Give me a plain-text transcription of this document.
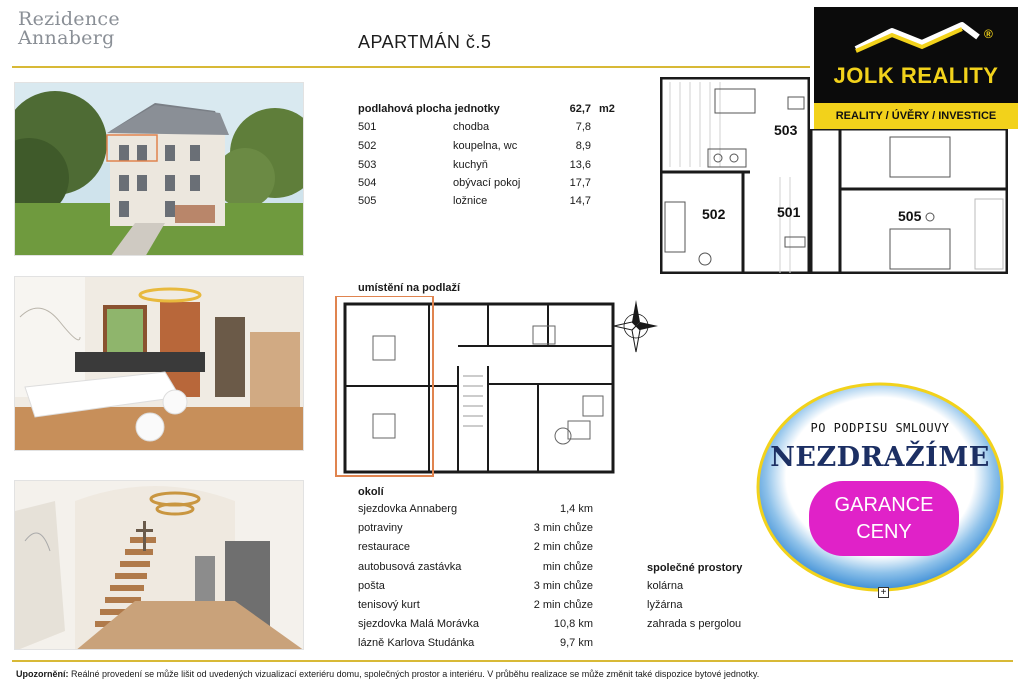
Rezidence
Annaberg	APARTMÁN č.5
podlahová plocha jednotky	62,7 m2
501	chodba	7,8
502	koupelna, wc	8,9
503	kuchyň	13,6
504	obývací pokoj	17,7
505	ložnice	14,7
503
502	501	505
®
JOLK REALITY
REALITY / ÚVĚRY / INVESTICE
umístění na podlaží
PO PODPISU SMLOUVY
NEZDRAŽÍME
GARANCE
CENY
+
okolí
sjezdovka Annaberg	1,4 km
potraviny	3 min chůze
restaurace	2 min chůze
autobusová zastávka	min chůze
pošta	3 min chůze
tenisový kurt	2 min chůze
sjezdovka Malá Morávka	10,8 km
lázně Karlova Studánka	9,7 km
společné prostory
kolárna
lyžárna
zahrada s pergolou
Upozornění: Reálné provedení se může lišit od uvedených vizualizací exteriéru domu, společných prostor a interiéru. V průběhu realizace se může změnit také dispozice bytové jednotky.
